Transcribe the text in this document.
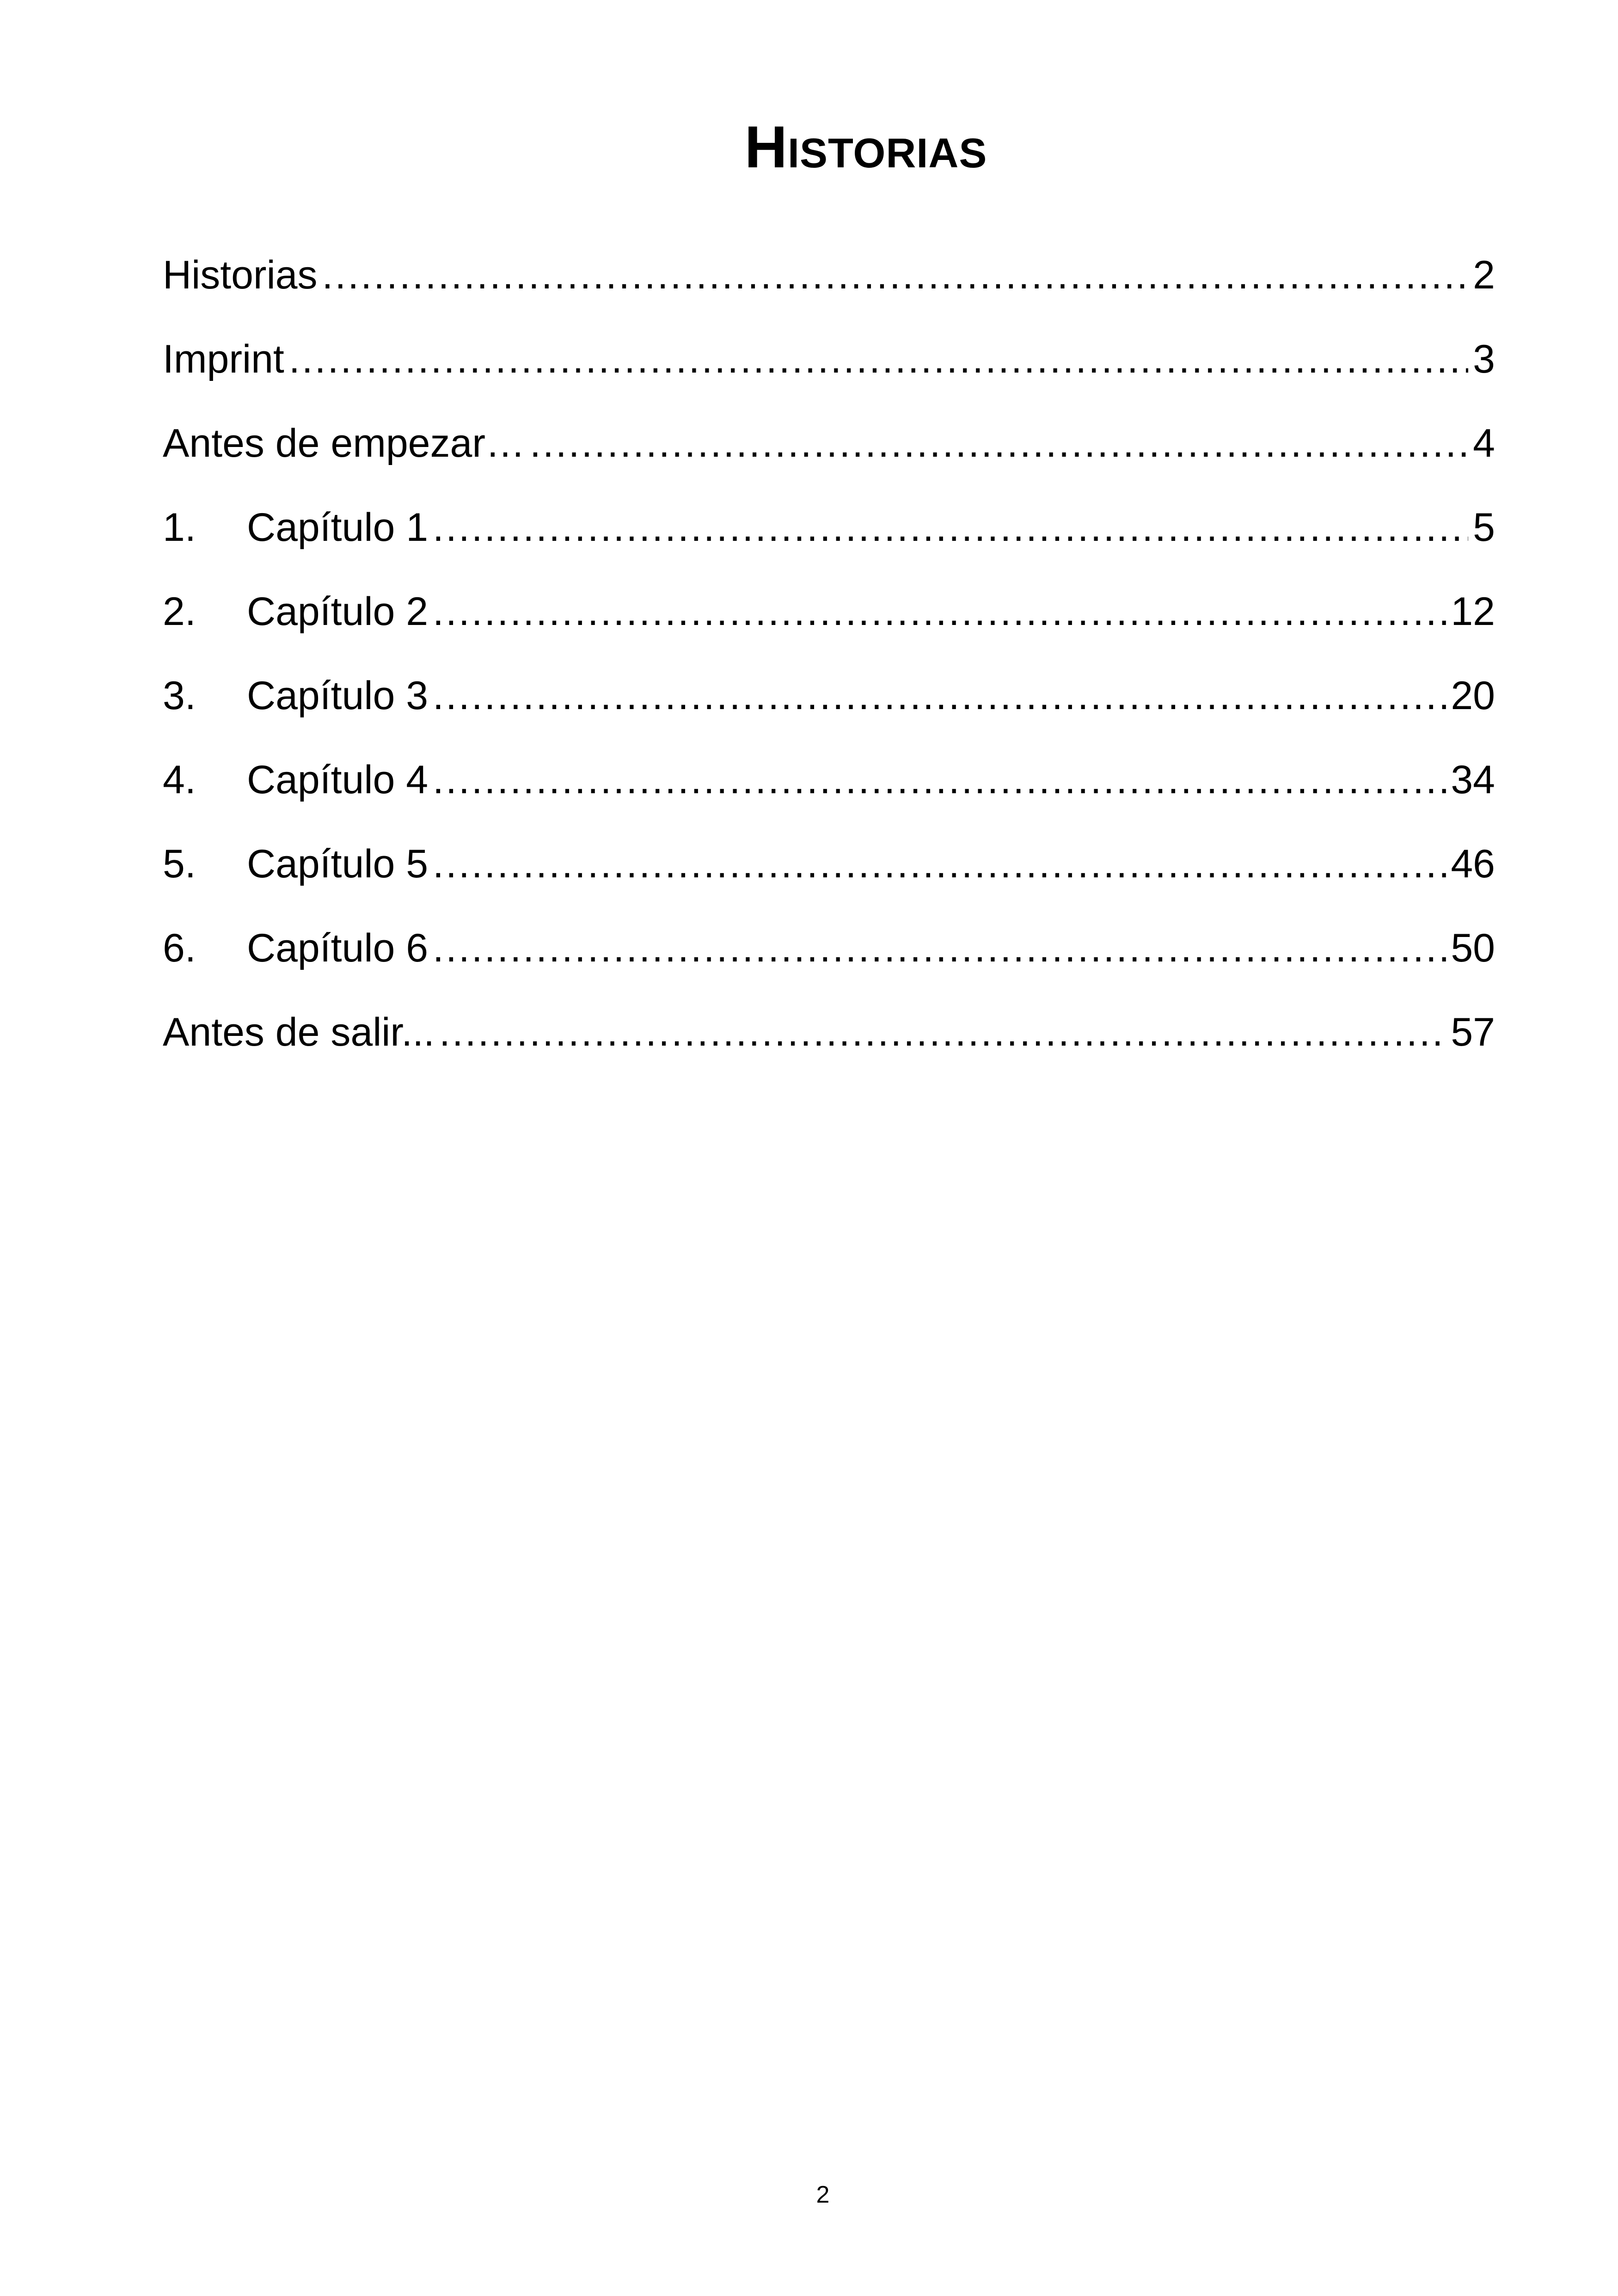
Historias
Historias .....	2
Imprint .....	3
Antes de empezar… .....	4
1.	Capítulo 1 .....	5
2.	Capítulo 2 .....	12
3.	Capítulo 3 .....	20
4.	Capítulo 4 .....	34
5.	Capítulo 5 .....	46
6.	Capítulo 6 .....	50
Antes de salir... .....	57
2
